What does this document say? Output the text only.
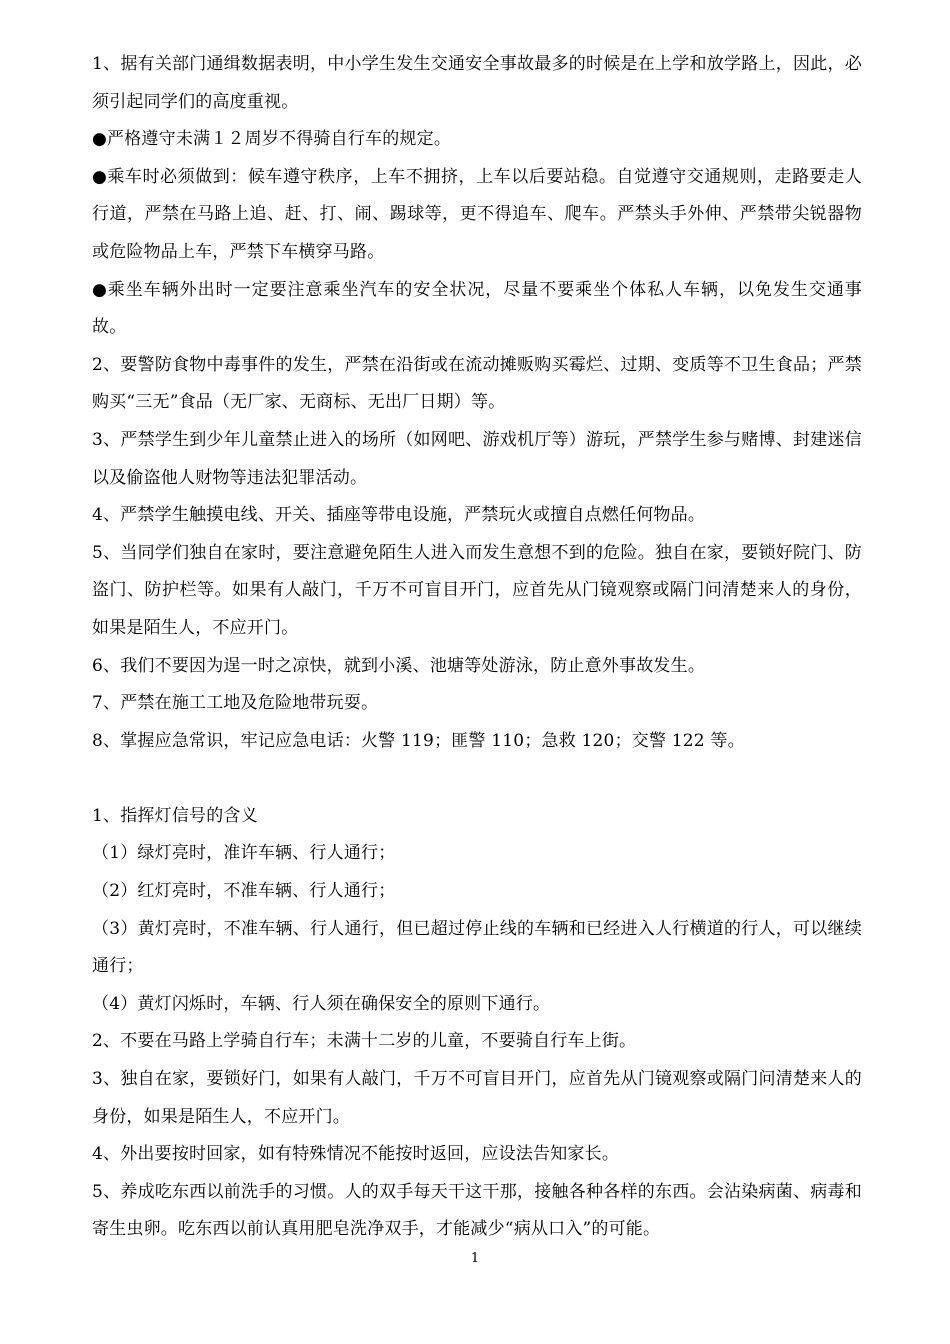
1、据有关部门通缉数据表明，中小学生发生交通安全事故最多的时候是在上学和放学路上，因此，必须引起同学们的高度重视。

●严格遵守未满１２周岁不得骑自行车的规定。

●乘车时必须做到：候车遵守秩序，上车不拥挤，上车以后要站稳。自觉遵守交通规则，走路要走人行道，严禁在马路上追、赶、打、闹、踢球等，更不得追车、爬车。严禁头手外伸、严禁带尖锐器物或危险物品上车，严禁下车横穿马路。

●乘坐车辆外出时一定要注意乘坐汽车的安全状况，尽量不要乘坐个体私人车辆，以免发生交通事故。

2、要警防食物中毒事件的发生，严禁在沿街或在流动摊贩购买霉烂、过期、变质等不卫生食品；严禁购买“三无”食品（无厂家、无商标、无出厂日期）等。

3、严禁学生到少年儿童禁止进入的场所（如网吧、游戏机厅等）游玩，严禁学生参与赌博、封建迷信以及偷盗他人财物等违法犯罪活动。

4、严禁学生触摸电线、开关、插座等带电设施，严禁玩火或擅自点燃任何物品。

5、当同学们独自在家时，要注意避免陌生人进入而发生意想不到的危险。独自在家，要锁好院门、防盗门、防护栏等。如果有人敲门，千万不可盲目开门，应首先从门镜观察或隔门问清楚来人的身份，如果是陌生人，不应开门。

6、我们不要因为逞一时之凉快，就到小溪、池塘等处游泳，防止意外事故发生。

7、严禁在施工工地及危险地带玩耍。

8、掌握应急常识，牢记应急电话：火警 119；匪警 110；急救 120；交警 122 等。

1、指挥灯信号的含义

（1）绿灯亮时，准许车辆、行人通行；

（2）红灯亮时，不准车辆、行人通行；

（3）黄灯亮时，不准车辆、行人通行，但已超过停止线的车辆和已经进入人行横道的行人，可以继续通行；

（4）黄灯闪烁时，车辆、行人须在确保安全的原则下通行。

2、不要在马路上学骑自行车；未满十二岁的儿童，不要骑自行车上街。

3、独自在家，要锁好门，如果有人敲门，千万不可盲目开门，应首先从门镜观察或隔门问清楚来人的身份，如果是陌生人，不应开门。

4、外出要按时回家，如有特殊情况不能按时返回，应设法告知家长。

5、养成吃东西以前洗手的习惯。人的双手每天干这干那，接触各种各样的东西。会沾染病菌、病毒和寄生虫卵。吃东西以前认真用肥皂洗净双手，才能减少“病从口入”的可能。

1
